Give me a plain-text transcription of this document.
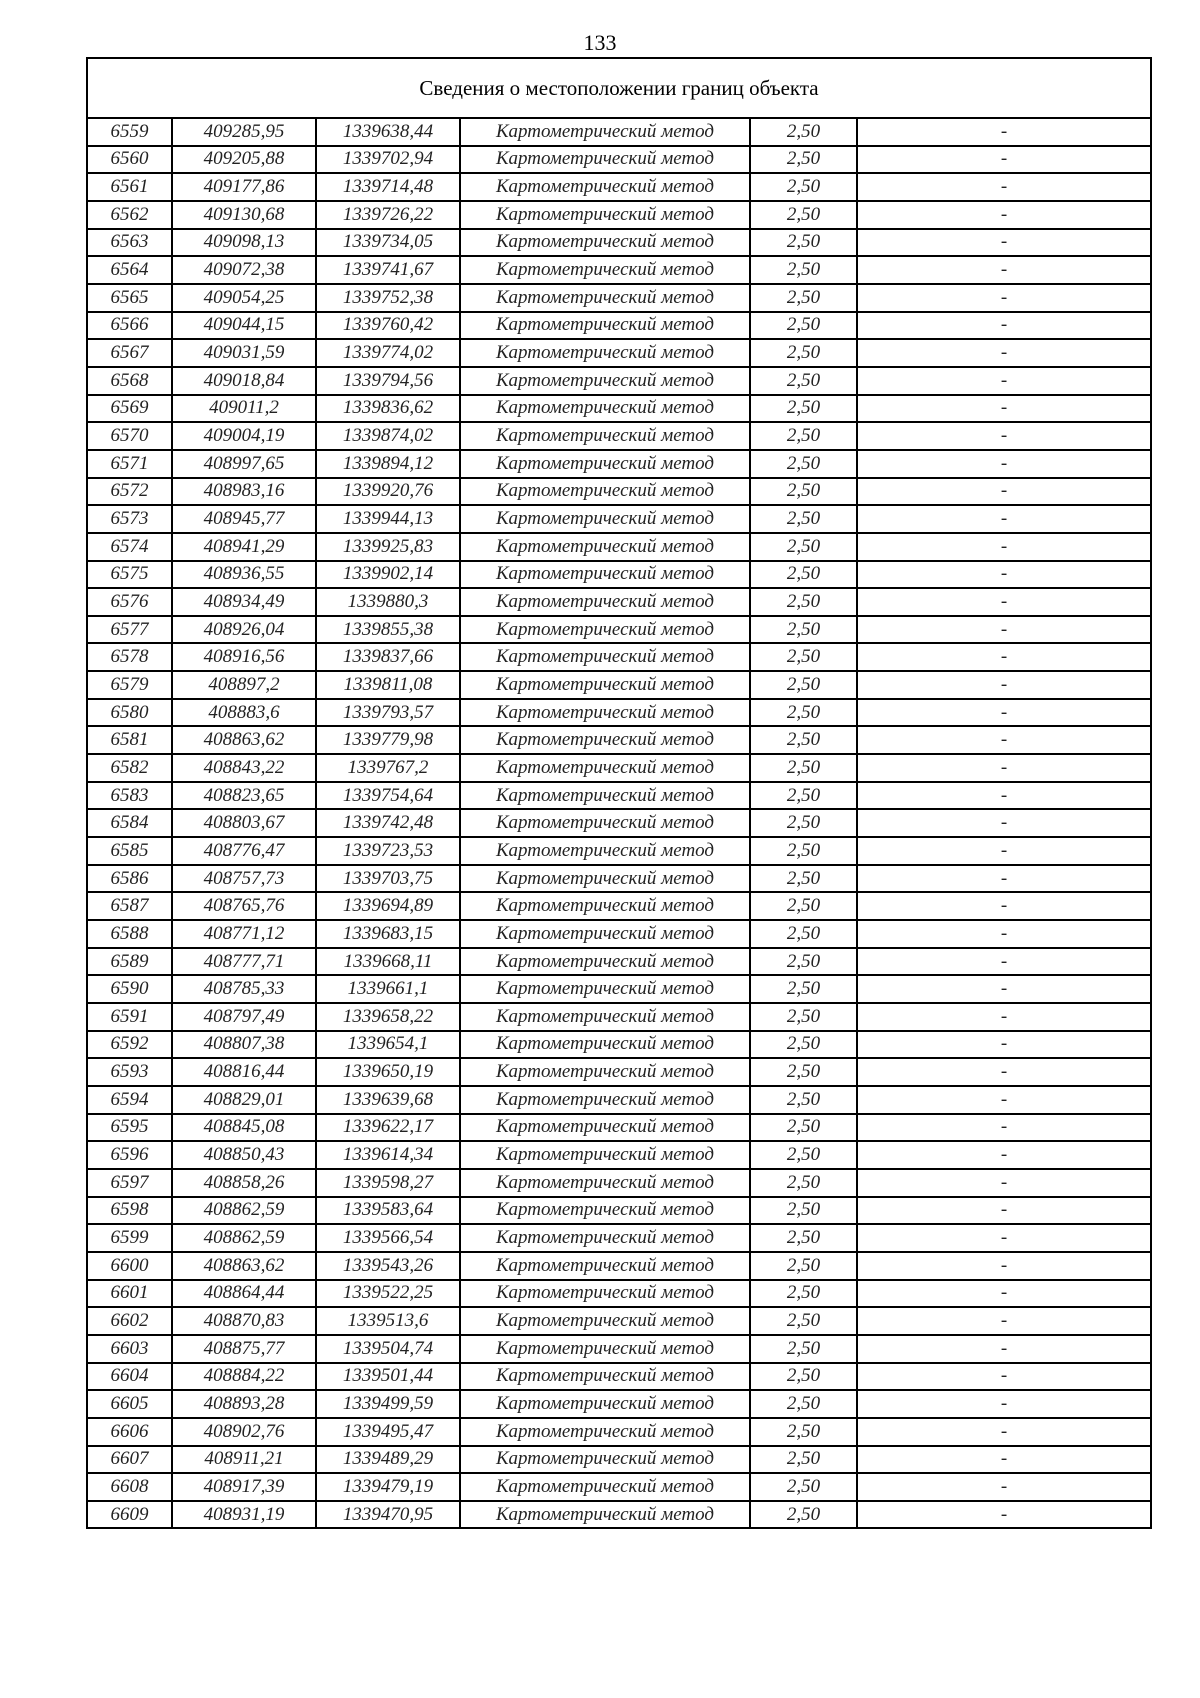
133
Сведения о местоположении границ объекта					
6559	409285,95	1339638,44	Картометрический метод	2,50	-
6560	409205,88	1339702,94	Картометрический метод	2,50	-
6561	409177,86	1339714,48	Картометрический метод	2,50	-
6562	409130,68	1339726,22	Картометрический метод	2,50	-
6563	409098,13	1339734,05	Картометрический метод	2,50	-
6564	409072,38	1339741,67	Картометрический метод	2,50	-
6565	409054,25	1339752,38	Картометрический метод	2,50	-
6566	409044,15	1339760,42	Картометрический метод	2,50	-
6567	409031,59	1339774,02	Картометрический метод	2,50	-
6568	409018,84	1339794,56	Картометрический метод	2,50	-
6569	409011,2	1339836,62	Картометрический метод	2,50	-
6570	409004,19	1339874,02	Картометрический метод	2,50	-
6571	408997,65	1339894,12	Картометрический метод	2,50	-
6572	408983,16	1339920,76	Картометрический метод	2,50	-
6573	408945,77	1339944,13	Картометрический метод	2,50	-
6574	408941,29	1339925,83	Картометрический метод	2,50	-
6575	408936,55	1339902,14	Картометрический метод	2,50	-
6576	408934,49	1339880,3	Картометрический метод	2,50	-
6577	408926,04	1339855,38	Картометрический метод	2,50	-
6578	408916,56	1339837,66	Картометрический метод	2,50	-
6579	408897,2	1339811,08	Картометрический метод	2,50	-
6580	408883,6	1339793,57	Картометрический метод	2,50	-
6581	408863,62	1339779,98	Картометрический метод	2,50	-
6582	408843,22	1339767,2	Картометрический метод	2,50	-
6583	408823,65	1339754,64	Картометрический метод	2,50	-
6584	408803,67	1339742,48	Картометрический метод	2,50	-
6585	408776,47	1339723,53	Картометрический метод	2,50	-
6586	408757,73	1339703,75	Картометрический метод	2,50	-
6587	408765,76	1339694,89	Картометрический метод	2,50	-
6588	408771,12	1339683,15	Картометрический метод	2,50	-
6589	408777,71	1339668,11	Картометрический метод	2,50	-
6590	408785,33	1339661,1	Картометрический метод	2,50	-
6591	408797,49	1339658,22	Картометрический метод	2,50	-
6592	408807,38	1339654,1	Картометрический метод	2,50	-
6593	408816,44	1339650,19	Картометрический метод	2,50	-
6594	408829,01	1339639,68	Картометрический метод	2,50	-
6595	408845,08	1339622,17	Картометрический метод	2,50	-
6596	408850,43	1339614,34	Картометрический метод	2,50	-
6597	408858,26	1339598,27	Картометрический метод	2,50	-
6598	408862,59	1339583,64	Картометрический метод	2,50	-
6599	408862,59	1339566,54	Картометрический метод	2,50	-
6600	408863,62	1339543,26	Картометрический метод	2,50	-
6601	408864,44	1339522,25	Картометрический метод	2,50	-
6602	408870,83	1339513,6	Картометрический метод	2,50	-
6603	408875,77	1339504,74	Картометрический метод	2,50	-
6604	408884,22	1339501,44	Картометрический метод	2,50	-
6605	408893,28	1339499,59	Картометрический метод	2,50	-
6606	408902,76	1339495,47	Картометрический метод	2,50	-
6607	408911,21	1339489,29	Картометрический метод	2,50	-
6608	408917,39	1339479,19	Картометрический метод	2,50	-
6609	408931,19	1339470,95	Картометрический метод	2,50	-
